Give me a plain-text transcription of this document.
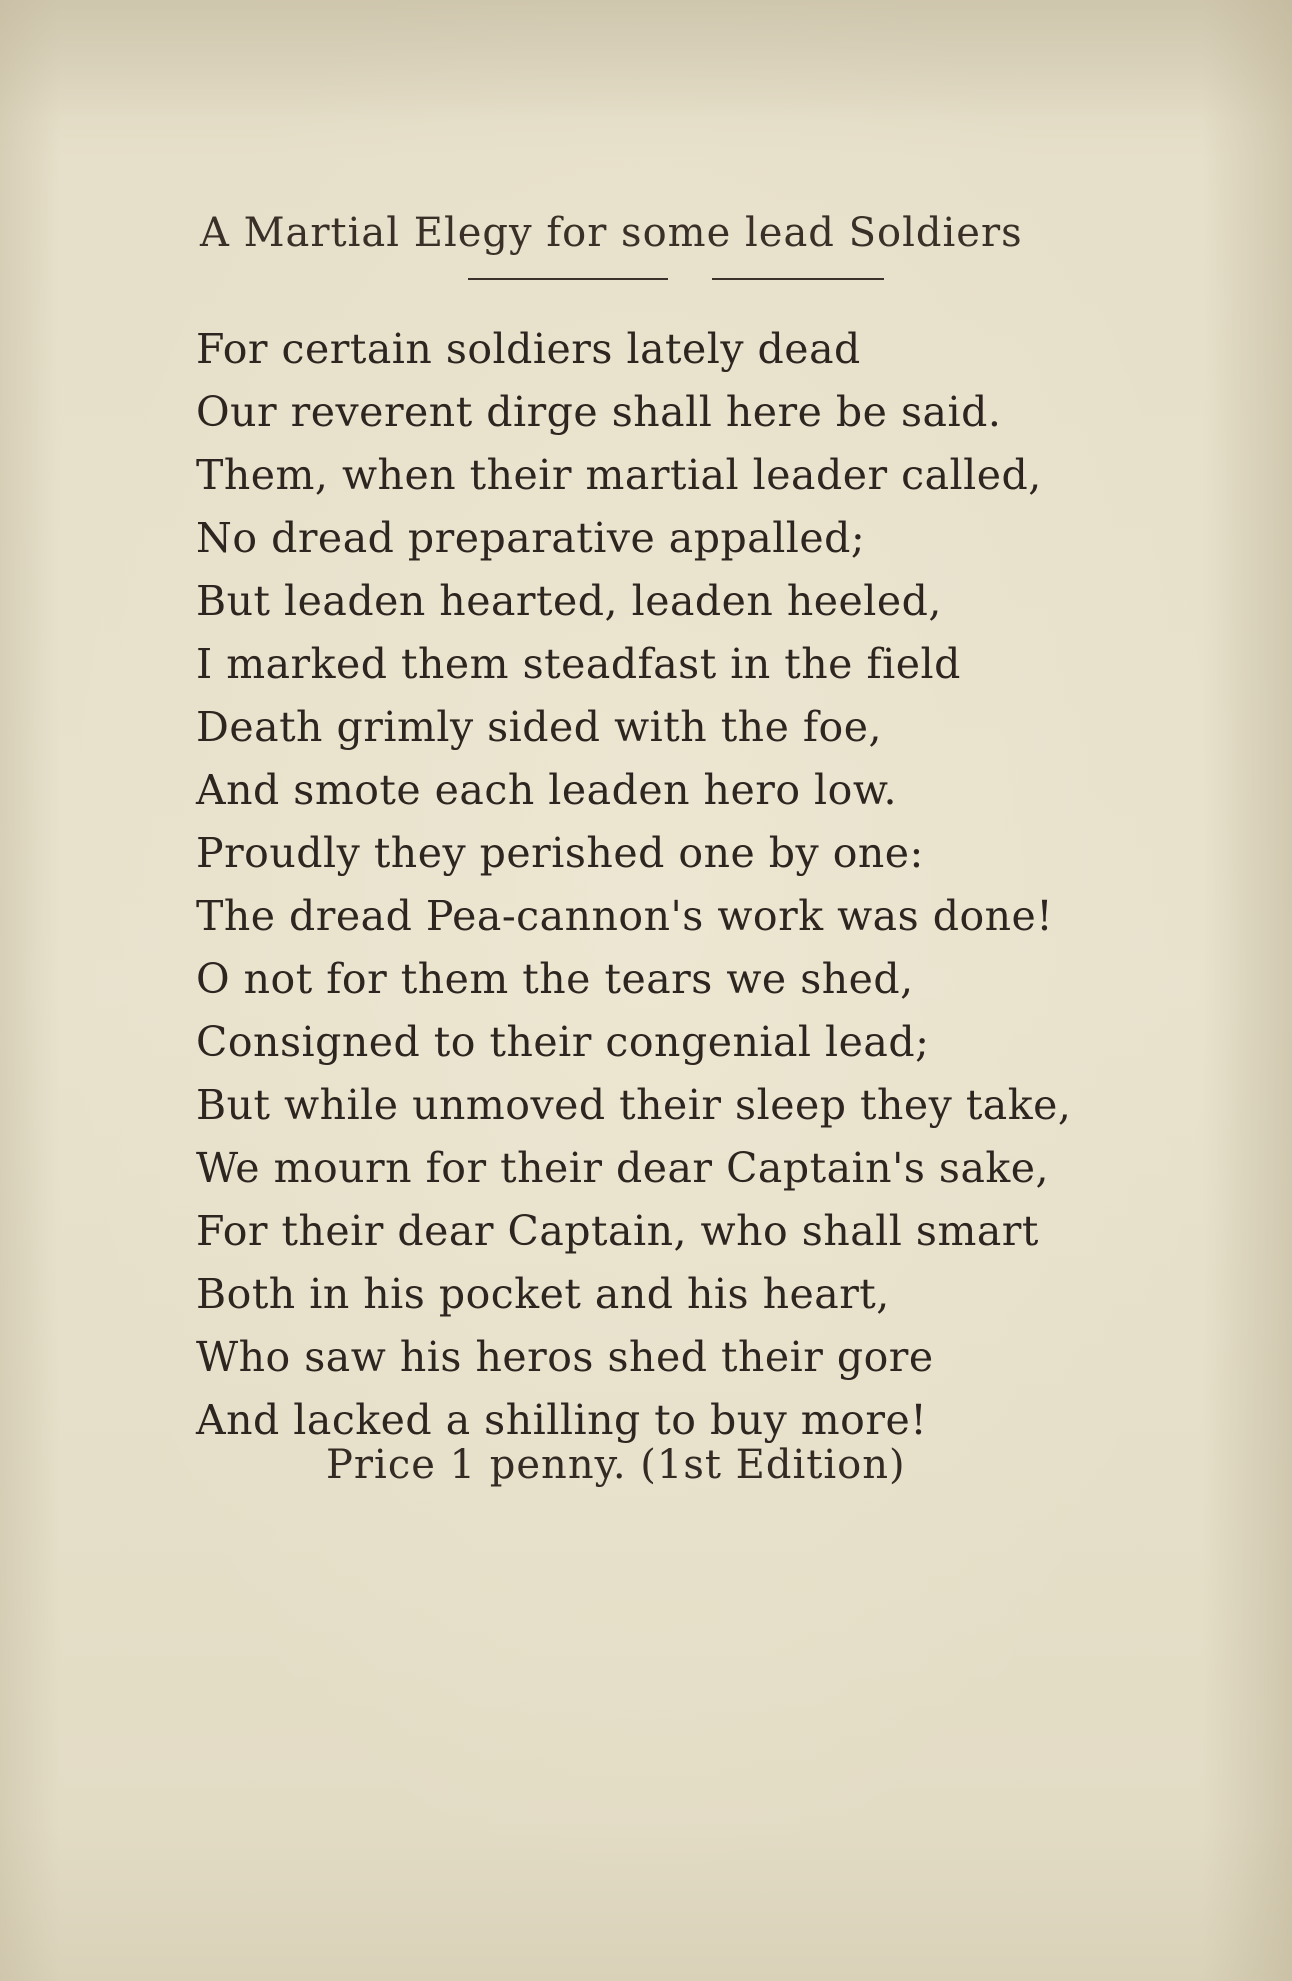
A Martial Elegy for some lead Soldiers
For certain soldiers lately dead
Our reverent dirge shall here be said.
Them, when their martial leader called,
No dread preparative appalled;
But leaden hearted, leaden heeled,
I marked them steadfast in the field
Death grimly sided with the foe,
And smote each leaden hero low.
Proudly they perished one by one:
The dread Pea-cannon's work was done!
O not for them the tears we shed,
Consigned to their congenial lead;
But while unmoved their sleep they take,
We mourn for their dear Captain's sake,
For their dear Captain, who shall smart
Both in his pocket and his heart,
Who saw his heros shed their gore
And lacked a shilling to buy more!
Price 1 penny. (1st Edition)
